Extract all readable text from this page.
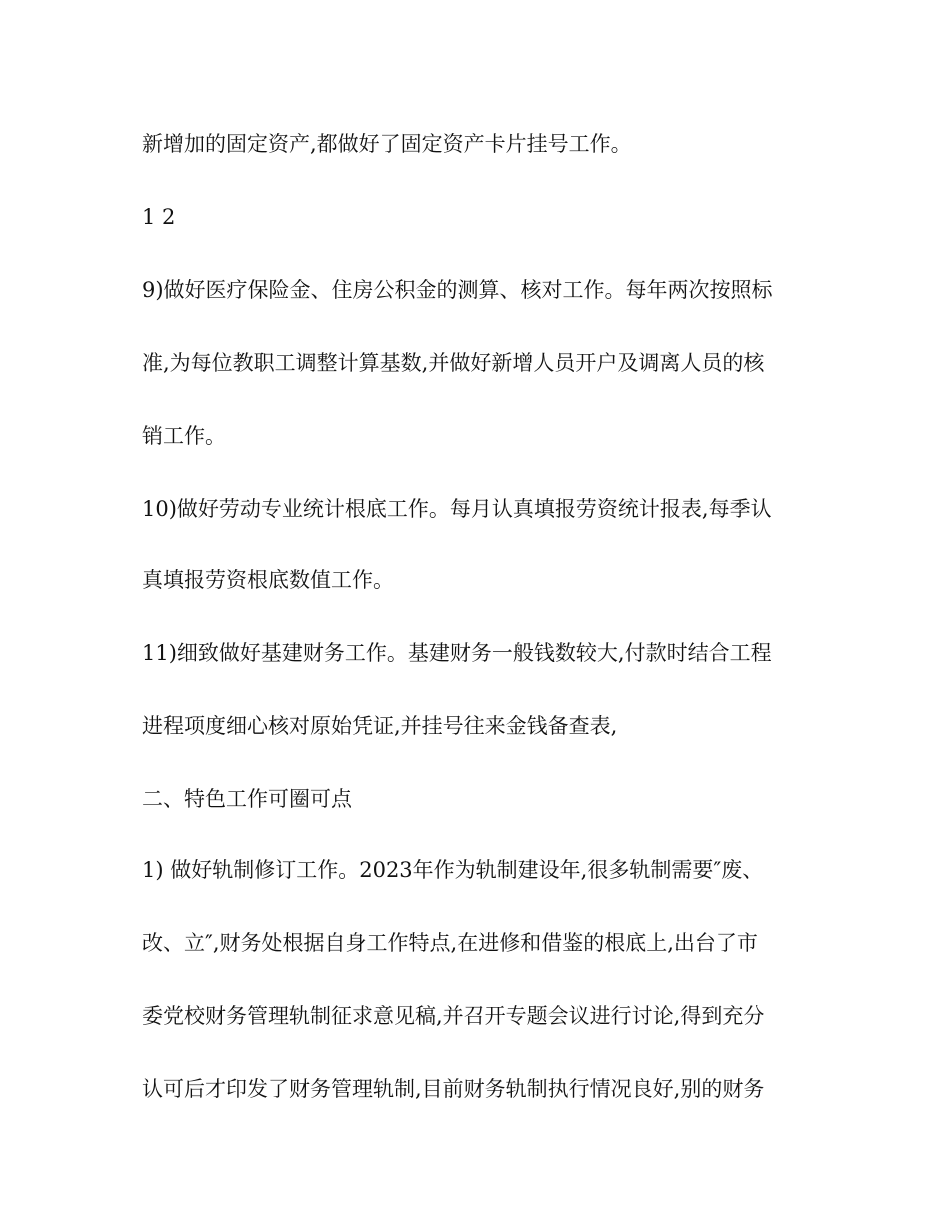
新增加的固定资产,都做好了固定资产卡片挂号工作。
1 2
9)做好医疗保险金、住房公积金的测算、核对工作。每年两次按照标
准,为每位教职工调整计算基数,并做好新增人员开户及调离人员的核
销工作。
10)做好劳动专业统计根底工作。每月认真填报劳资统计报表,每季认
真填报劳资根底数值工作。
11)细致做好基建财务工作。基建财务一般钱数较大,付款时结合工程
进程项度细心核对原始凭证,并挂号往来金钱备查表,
二、特色工作可圈可点
1) 做好轨制修订工作。2023年作为轨制建设年,很多轨制需要″废、
改、立″,财务处根据自身工作特点,在进修和借鉴的根底上,出台了市
委党校财务管理轨制征求意见稿,并召开专题会议进行讨论,得到充分
认可后才印发了财务管理轨制,目前财务轨制执行情况良好,别的财务
